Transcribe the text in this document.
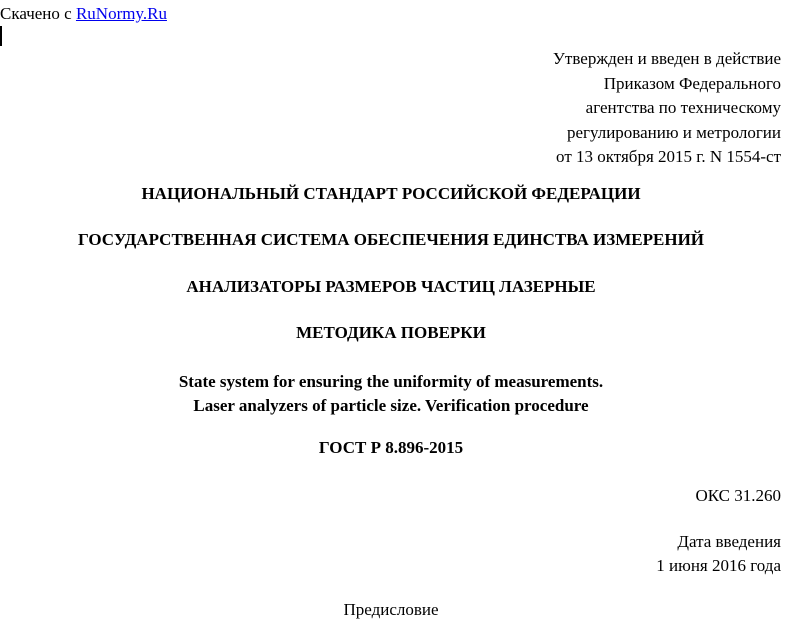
Скачено с RuNormy.Ru
Утвержден и введен в действие
Приказом Федерального
агентства по техническому
регулированию и метрологии
от 13 октября 2015 г. N 1554-ст
НАЦИОНАЛЬНЫЙ СТАНДАРТ РОССИЙСКОЙ ФЕДЕРАЦИИ
ГОСУДАРСТВЕННАЯ СИСТЕМА ОБЕСПЕЧЕНИЯ ЕДИНСТВА ИЗМЕРЕНИЙ
АНАЛИЗАТОРЫ РАЗМЕРОВ ЧАСТИЦ ЛАЗЕРНЫЕ
МЕТОДИКА ПОВЕРКИ
State system for ensuring the uniformity of measurements.
Laser analyzers of particle size. Verification procedure
ГОСТ Р 8.896-2015
ОКС 31.260
Дата введения
1 июня 2016 года
Предисловие
